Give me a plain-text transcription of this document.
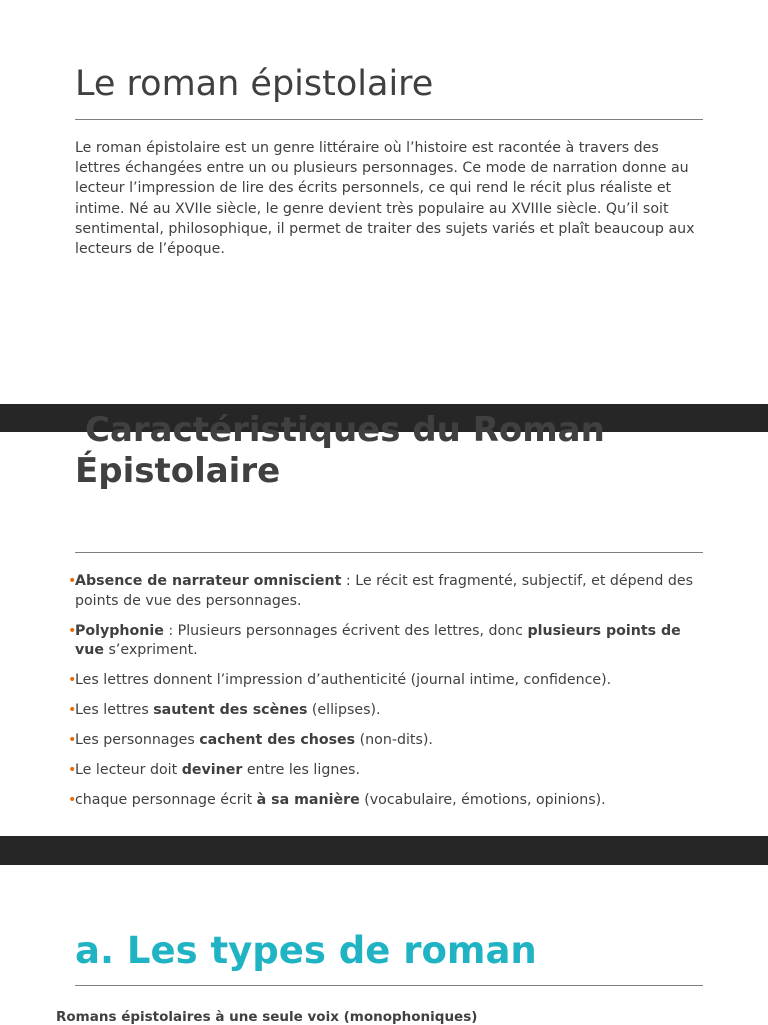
Le roman épistolaire

Le roman épistolaire est un genre littéraire où l’histoire est racontée à travers des lettres échangées entre un ou plusieurs personnages. Ce mode de narration donne au lecteur l’impression de lire des écrits personnels, ce qui rend le récit plus réaliste et intime. Né au XVIIe siècle, le genre devient très populaire au XVIIIe siècle. Qu’il soit sentimental, philosophique, il permet de traiter des sujets variés et plaît beaucoup aux lecteurs de l’époque.

Caractéristiques du Roman
Épistolaire
•
Absence de narrateur omniscient : Le récit est fragmenté, subjectif, et dépend des points de vue des personnages.
•
Polyphonie : Plusieurs personnages écrivent des lettres, donc plusieurs points de vue s’expriment.
•
Les lettres donnent l’impression d’authenticité (journal intime, confidence).
•
Les lettres sautent des scènes (ellipses).
•
Les personnages cachent des choses (non-dits).
•
Le lecteur doit deviner entre les lignes.
•
chaque personnage écrit à sa manière (vocabulaire, émotions, opinions).
a. Les types de roman

Romans épistolaires à une seule voix (monophoniques)
